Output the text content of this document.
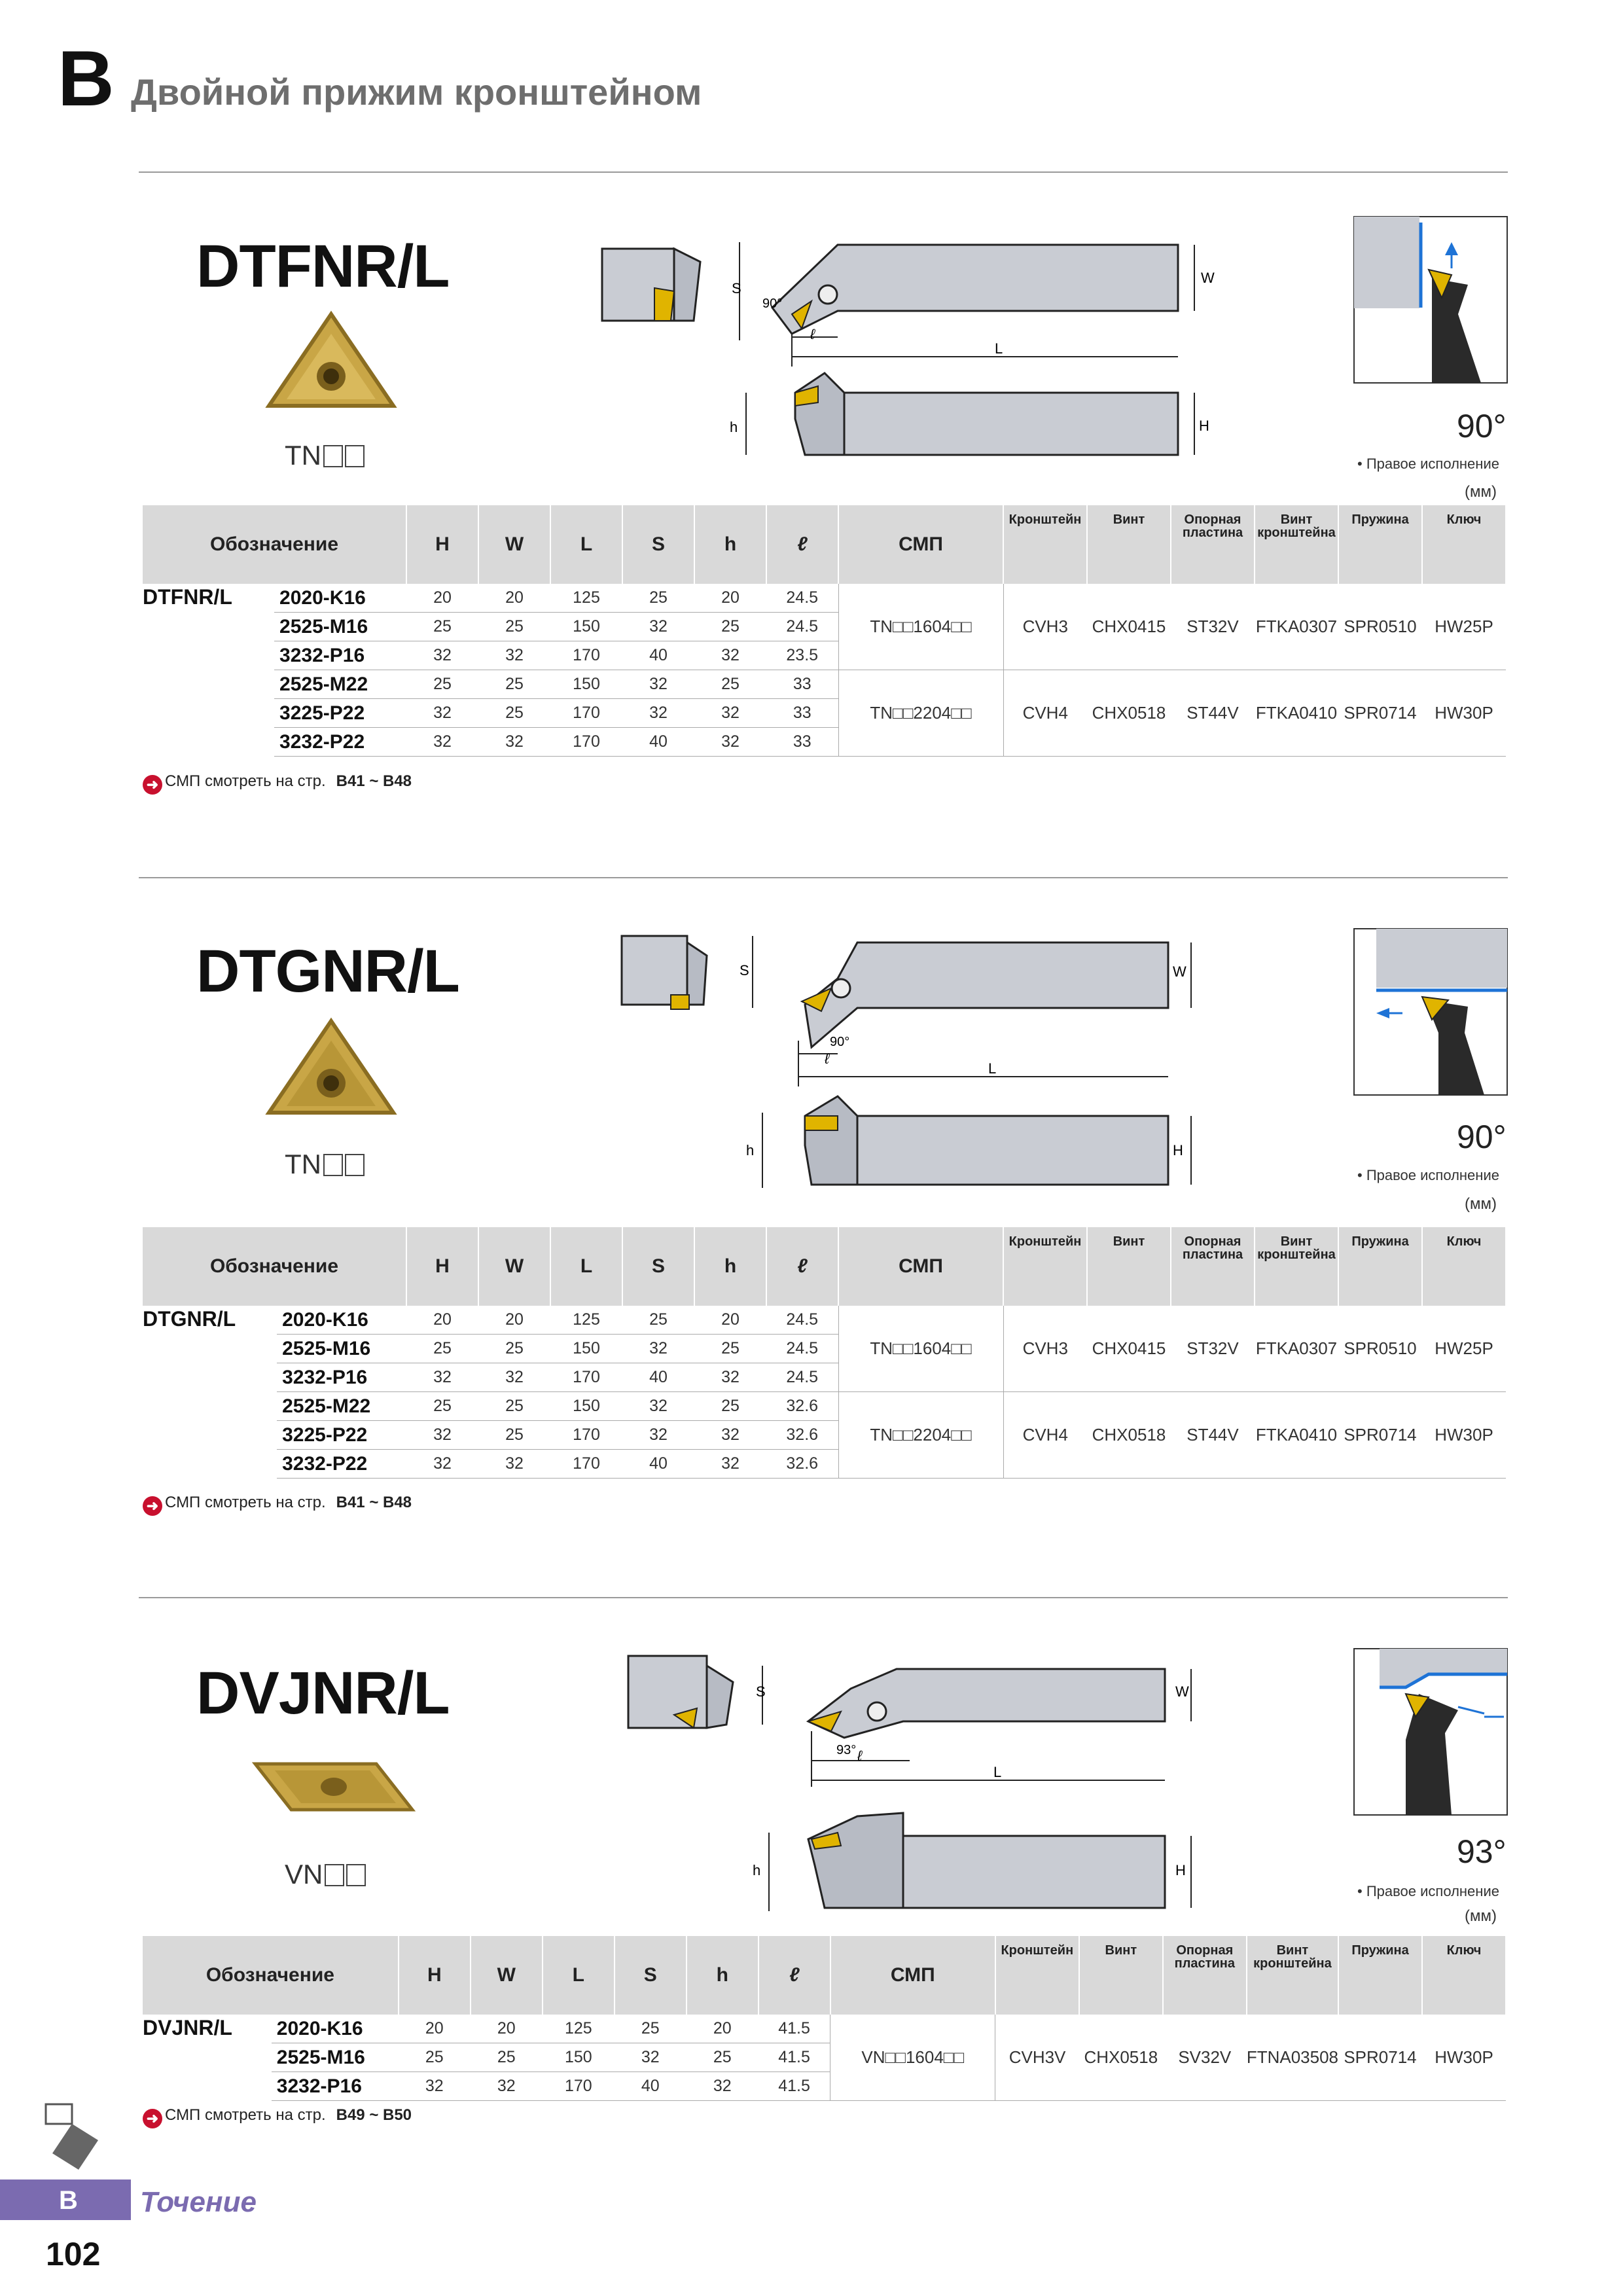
B Двойной прижим кронштейном
DTFNR/L
TN
S
W
90°
ℓ
L
h	H	90°
• Правое исполнение
(мм)
Обозначение		H	W	L	S	h	ℓ	СМП	Кронштейн	Винт	Опорная пластина	Винт кронштейна	Пружина	Ключ
DTFNR/L	2020-K16	20	20	125	25	20	24.5	TN□□1604□□	CVH3	CHX0415	ST32V	FTKA0307	SPR0510	HW25P
	2525-M16	25	25	150	32	25	24.5							
	3232-P16	32	32	170	40	32	23.5							
	2525-M22	25	25	150	32	25	33	TN□□2204□□	CVH4	CHX0518	ST44V	FTKA0410	SPR0714	HW30P
	3225-P22	32	25	170	32	32	33							
	3232-P22	32	32	170	40	32	33							
➜ СМП смотреть на стр. B41 ~ B48
DTGNR/L
TN
S	W
90°
ℓ
L
h	H	90°
• Правое исполнение
(мм)
Обозначение		H	W	L	S	h	ℓ	СМП	Кронштейн	Винт	Опорная пластина	Винт кронштейна	Пружина	Ключ
DTGNR/L	2020-K16	20	20	125	25	20	24.5	TN□□1604□□	CVH3	CHX0415	ST32V	FTKA0307	SPR0510	HW25P
	2525-M16	25	25	150	32	25	24.5							
	3232-P16	32	32	170	40	32	24.5							
	2525-M22	25	25	150	32	25	32.6	TN□□2204□□	CVH4	CHX0518	ST44V	FTKA0410	SPR0714	HW30P
	3225-P22	32	25	170	32	32	32.6							
	3232-P22	32	32	170	40	32	32.6							
➜ СМП смотреть на стр. B41 ~ B48
DVJNR/L
VN
S	W
93° ℓ
L
h	H
93°
• Правое исполнение
(мм)
Обозначение		H	W	L	S	h	ℓ	СМП	Кронштейн	Винт	Опорная пластина	Винт кронштейна	Пружина	Ключ
DVJNR/L	2020-K16	20	20	125	25	20	41.5	VN□□1604□□	CVH3V	CHX0518	SV32V	FTNA03508	SPR0714	HW30P
	2525-M16	25	25	150	32	25	41.5							
	3232-P16	32	32	170	40	32	41.5							
➜ СМП смотреть на стр. B49 ~ B50
B Точение
102
